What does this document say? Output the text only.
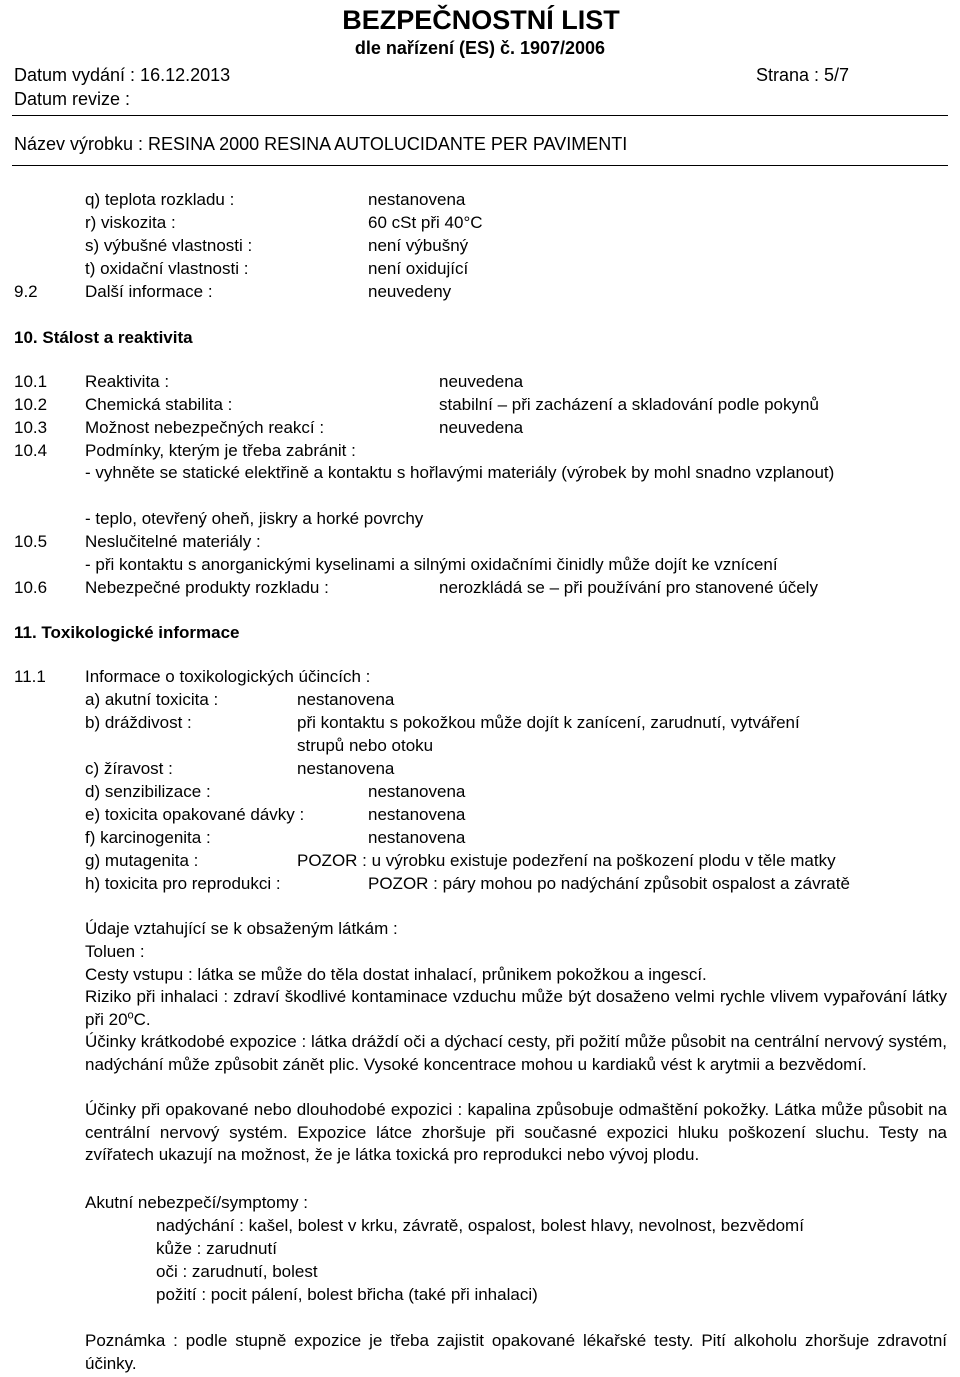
BEZPEČNOSTNÍ LIST
dle nařízení (ES) č. 1907/2006
Datum vydání : 16.12.2013	Strana : 5/7
Datum revize :
Název výrobku : RESINA 2000 RESINA AUTOLUCIDANTE PER PAVIMENTI
q) teplota rozkladu :	nestanovena
r) viskozita :	60 cSt při 40°C
s) výbušné vlastnosti :	není výbušný
t) oxidační vlastnosti :	není oxidující
9.2	Další informace :	neuvedeny
10. Stálost a reaktivita
10.1 Reaktivita :	neuvedena
10.2 Chemická stabilita :	stabilní – při zacházení a skladování podle pokynů
10.3 Možnost nebezpečných reakcí :	neuvedena
10.4 Podmínky, kterým je třeba zabránit :
- vyhněte se statické elektřině a kontaktu s hořlavými materiály (výrobek by mohl snadno vzplanout)
- teplo, otevřený oheň, jiskry a horké povrchy
10.5 Neslučitelné materiály :
- při kontaktu s anorganickými kyselinami a silnými oxidačními činidly může dojít ke vznícení
10.6 Nebezpečné produkty rozkladu :	nerozkládá se – při používání pro stanovené účely
11. Toxikologické informace
11.1 Informace o toxikologických účincích :
a) akutní toxicita :	nestanovena
b) dráždivost :	při kontaktu s pokožkou může dojít k zanícení, zarudnutí, vytváření
strupů nebo otoku
c) žíravost :	nestanovena
d) senzibilizace :	nestanovena
e) toxicita opakované dávky :	nestanovena
f) karcinogenita :	nestanovena
g) mutagenita :	POZOR : u výrobku existuje podezření na poškození plodu v těle matky
h) toxicita pro reprodukci :	POZOR : páry mohou po nadýchání způsobit ospalost a závratě
Údaje vztahující se k obsaženým látkám :
Toluen :
Cesty vstupu : látka se může do těla dostat inhalací, průnikem pokožkou a ingescí.
Riziko při inhalaci : zdraví škodlivé kontaminace vzduchu může být dosaženo velmi rychle vlivem vypařování látky při 20$^o$C.
Účinky krátkodobé expozice : látka dráždí oči a dýchací cesty, při požití může působit na centrální nervový systém, nadýchání může způsobit zánět plic. Vysoké koncentrace mohou u kardiaků vést k arytmii a bezvědomí.
Účinky při opakované nebo dlouhodobé expozici : kapalina způsobuje odmaštění pokožky. Látka může působit na centrální nervový systém. Expozice látce zhoršuje při současné expozici hluku poškození sluchu. Testy na zvířatech ukazují na možnost, že je látka toxická pro reprodukci nebo vývoj plodu.
Akutní nebezpečí/symptomy :
nadýchání : kašel, bolest v krku, závratě, ospalost, bolest hlavy, nevolnost, bezvědomí
kůže : zarudnutí
oči : zarudnutí, bolest
požití : pocit pálení, bolest břicha (také při inhalaci)
Poznámka : podle stupně expozice je třeba zajistit opakované lékařské testy. Pití alkoholu zhoršuje zdravotní účinky.
